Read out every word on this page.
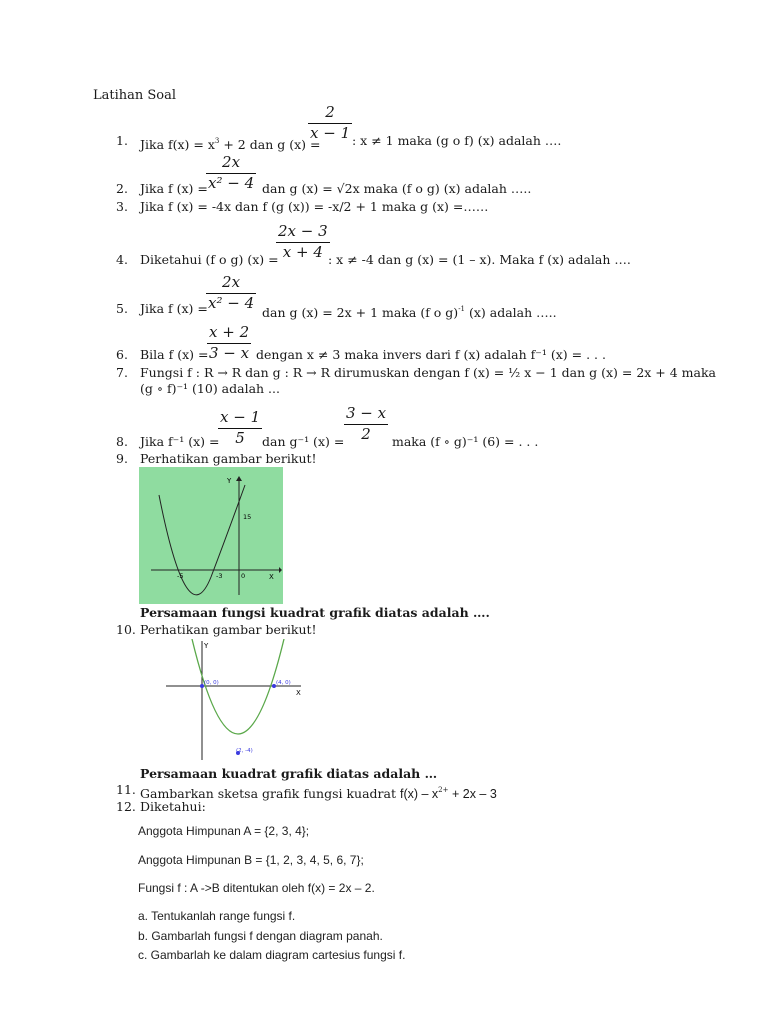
Latihan Soal
1. Jika $f(x) = x^3 + 2$ dan g (x) =
2
x − 1 : x ≠ 1 maka (g o f) (x) adalah ….
2. Jika f (x) =
2x
x² − 4 dan g (x) = √2x maka (f o g) (x) adalah …..
3. Jika f (x) = -4x dan f (g (x)) = -x/2 + 1 maka g (x) =……
4. Diketahui (f o g) (x) =
2x − 3
x + 4 : x ≠ -4 dan g (x) = (1 – x). Maka f (x) adalah ….
5. Jika f (x) =
2x
x² − 4
dan g (x) = 2x + 1 maka (f o g)$^{-1}$ (x) adalah …..
6. Bila f (x) =
x + 2
3 − x dengan x ≠ 3 maka invers dari f (x) adalah f⁻¹ (x) = . . .
7. Fungsi f : R → R dan g : R → R dirumuskan dengan f (x) = ½ x − 1 dan g (x) = 2x + 4 maka
(g ∘ f)⁻¹ (10) adalah ...
8. Jika f⁻¹ (x) =
x − 1
5 dan g⁻¹ (x) =
3 − x
2 maka (f ∘ g)⁻¹ (6) = . . .
9. Perhatikan gambar berikut!
Y
X
15
-5	-3	0
Persamaan fungsi kuadrat grafik diatas adalah ….
10. Perhatikan gambar berikut!
Y
X
(0, 0)	(4, 0)
(2, -4)
Persamaan kuadrat grafik diatas adalah …
11. Gambarkan sketsa grafik fungsi kuadrat $f(x) - x^{2+} + 2x - 3$
12. Diketahui:
Anggota Himpunan A = {2, 3, 4};
Anggota Himpunan B = {1, 2, 3, 4, 5, 6, 7};
Fungsi f : A ->B ditentukan oleh f(x) = 2x – 2.
a. Tentukanlah range fungsi f.
b. Gambarlah fungsi f dengan diagram panah.
c. Gambarlah ke dalam diagram cartesius fungsi f.
